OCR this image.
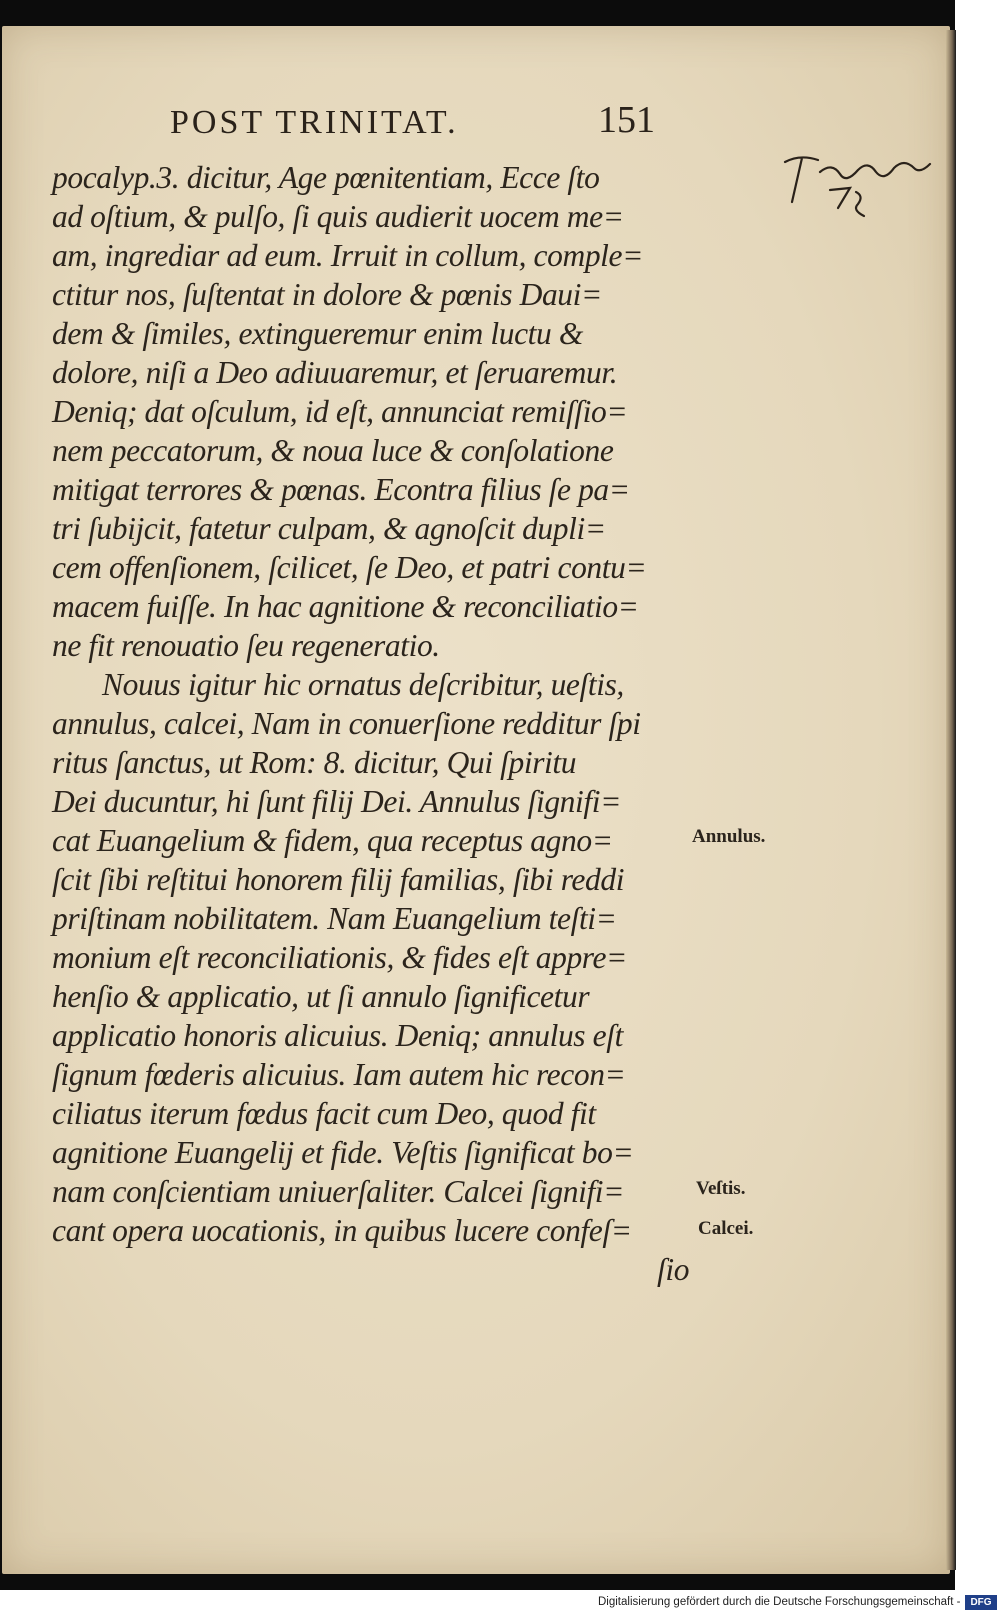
POST TRINITAT.	151
pocalyp.3. dicitur, Age pœnitentiam, Ecce ſto
ad oſtium, & pulſo, ſi quis audierit uocem me=
am, ingrediar ad eum. Irruit in collum, comple=
ctitur nos, ſuſtentat in dolore & pœnis Daui=
dem & ſimiles, extingueremur enim luctu &
dolore, niſi a Deo adiuuaremur, et ſeruaremur.
Deniq; dat oſculum, id eſt, annunciat remiſſio=
nem peccatorum, & noua luce & conſolatione
mitigat terrores & pœnas. Econtra filius ſe pa=
tri ſubijcit, fatetur culpam, & agnoſcit dupli=
cem offenſionem, ſcilicet, ſe Deo, et patri contu=
macem fuiſſe. In hac agnitione & reconciliatio=
ne fit renouatio ſeu regeneratio.
Nouus igitur hic ornatus deſcribitur, ueſtis,
annulus, calcei, Nam in conuerſione redditur ſpi
ritus ſanctus, ut Rom: 8. dicitur, Qui ſpiritu
Dei ducuntur, hi ſunt filij Dei. Annulus ſignifi=
cat Euangelium & fidem, qua receptus agno=
ſcit ſibi reſtitui honorem filij familias, ſibi reddi
priſtinam nobilitatem. Nam Euangelium teſti=
monium eſt reconciliationis, & fides eſt appre=
henſio & applicatio, ut ſi annulo ſignificetur
applicatio honoris alicuius. Deniq; annulus eſt
ſignum fœderis alicuius. Iam autem hic recon=
ciliatus iterum fœdus facit cum Deo, quod fit
agnitione Euangelij et fide. Veſtis ſignificat bo=
nam conſcientiam uniuerſaliter. Calcei ſignifi=
cant opera uocationis, in quibus lucere confeſ=
ſio
Annulus.
Veſtis.
Calcei.
Digitalisierung gefördert durch die Deutsche Forschungsgemeinschaft -	DFG
